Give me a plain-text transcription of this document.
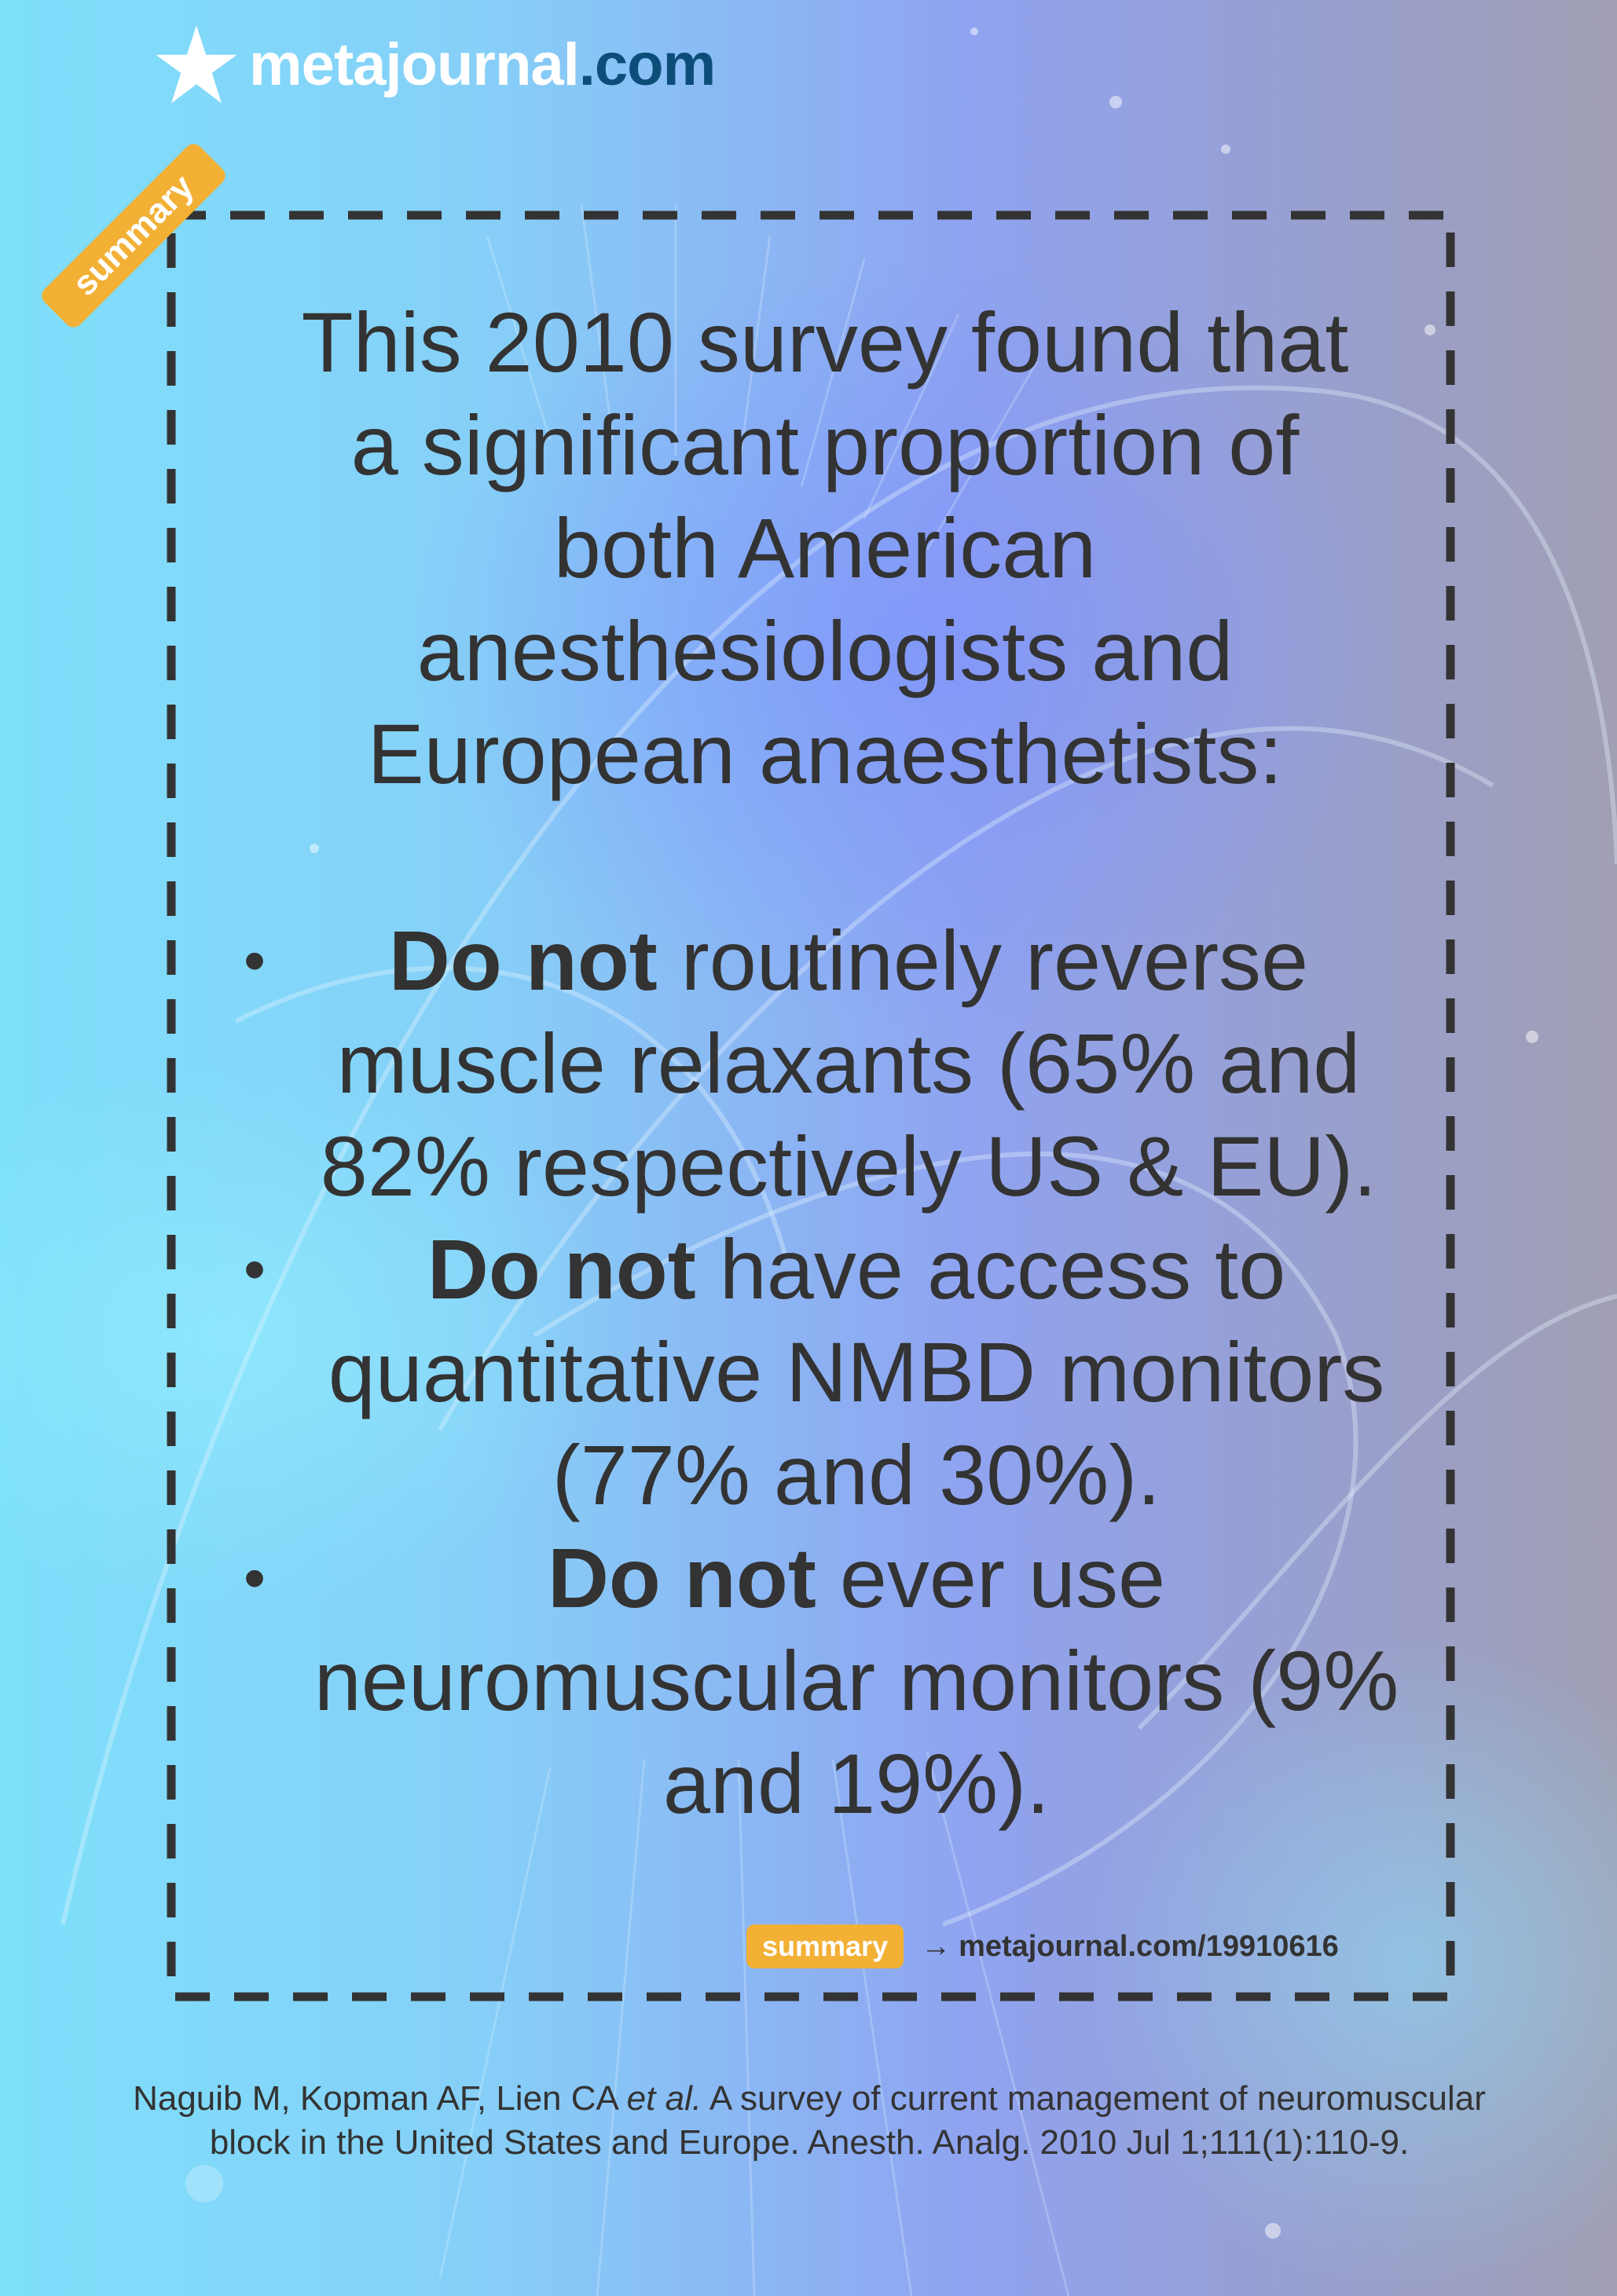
metajournal.com
summary
This 2010 survey found that a significant proportion of both American anesthesiologists and European anaesthetists:
• Do not routinely reverse muscle relaxants (65% and 82% respectively US & EU).
• Do not have access to quantitative NMBD monitors (77% and 30%).
•	Do not ever use neuromuscular monitors (9% and 19%).
summary	→ metajournal.com/19910616
Naguib M, Kopman AF, Lien CA et al. A survey of current management of neuromuscular block in the United States and Europe. Anesth. Analg. 2010 Jul 1;111(1):110-9.
